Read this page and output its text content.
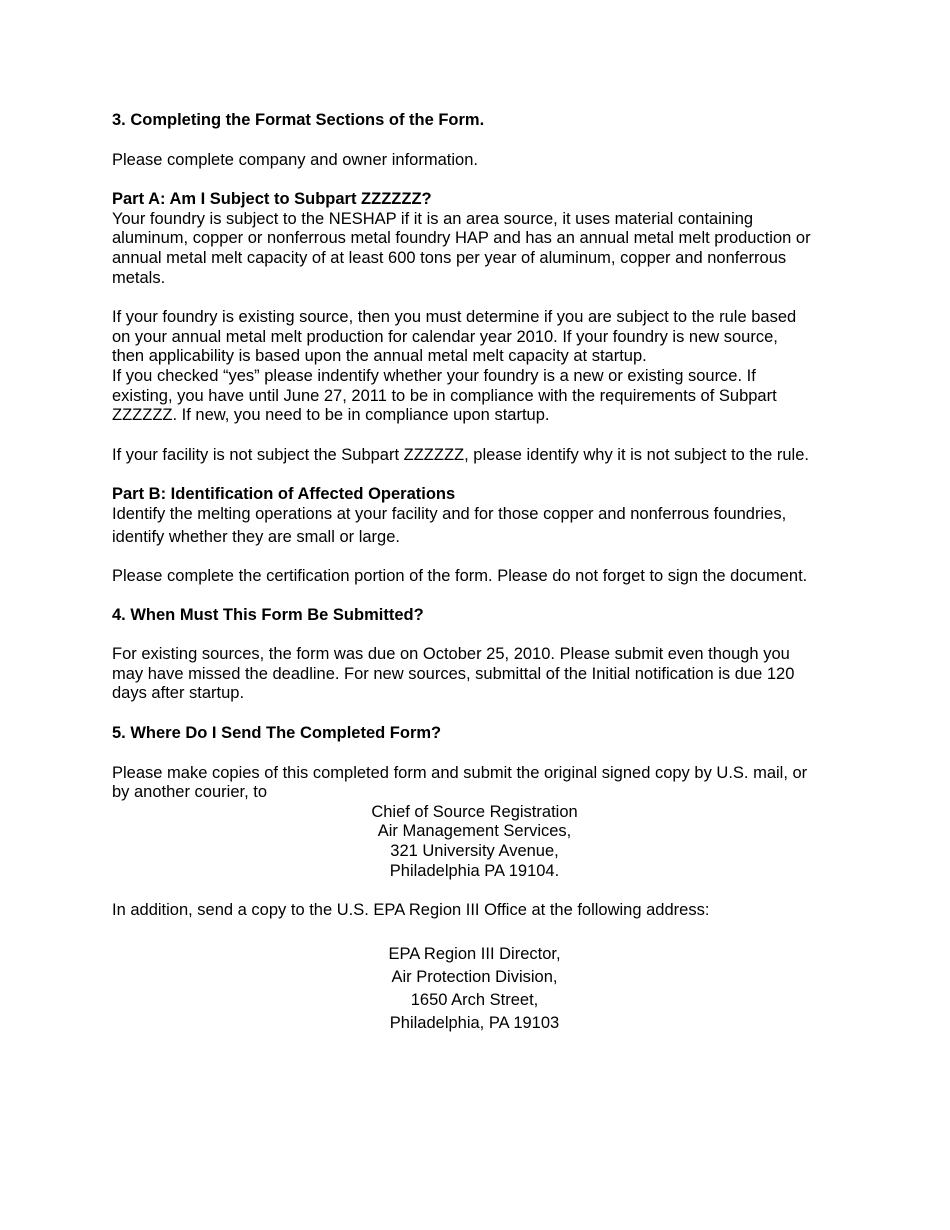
3. Completing the Format Sections of the Form.

Please complete company and owner information.

Part A: Am I Subject to Subpart ZZZZZZ?

Your foundry is subject to the NESHAP if it is an area source, it uses material containing
aluminum, copper or nonferrous metal foundry HAP and has an annual metal melt production or
annual metal melt capacity of at least 600 tons per year of aluminum, copper and nonferrous
metals.
If your foundry is existing source, then you must determine if you are subject to the rule based
on your annual metal melt production for calendar year 2010. If your foundry is new source,
then applicability is based upon the annual metal melt capacity at startup.
If you checked “yes” please indentify whether your foundry is a new or existing source. If
existing, you have until June 27, 2011 to be in compliance with the requirements of Subpart
ZZZZZZ. If new, you need to be in compliance upon startup.

If your facility is not subject the Subpart ZZZZZZ, please identify why it is not subject to the rule.

Part B: Identification of Affected Operations

Identify the melting operations at your facility and for those copper and nonferrous foundries,
identify whether they are small or large.

Please complete the certification portion of the form. Please do not forget to sign the document.

4. When Must This Form Be Submitted?

For existing sources, the form was due on October 25, 2010. Please submit even though you
may have missed the deadline. For new sources, submittal of the Initial notification is due 120
days after startup.

5. Where Do I Send The Completed Form?

Please make copies of this completed form and submit the original signed copy by U.S. mail, or
by another courier, to
Chief of Source Registration
Air Management Services,
321 University Avenue,
Philadelphia PA 19104.

In addition, send a copy to the U.S. EPA Region III Office at the following address:

EPA Region III Director,
Air Protection Division,
1650 Arch Street,
Philadelphia, PA 19103
